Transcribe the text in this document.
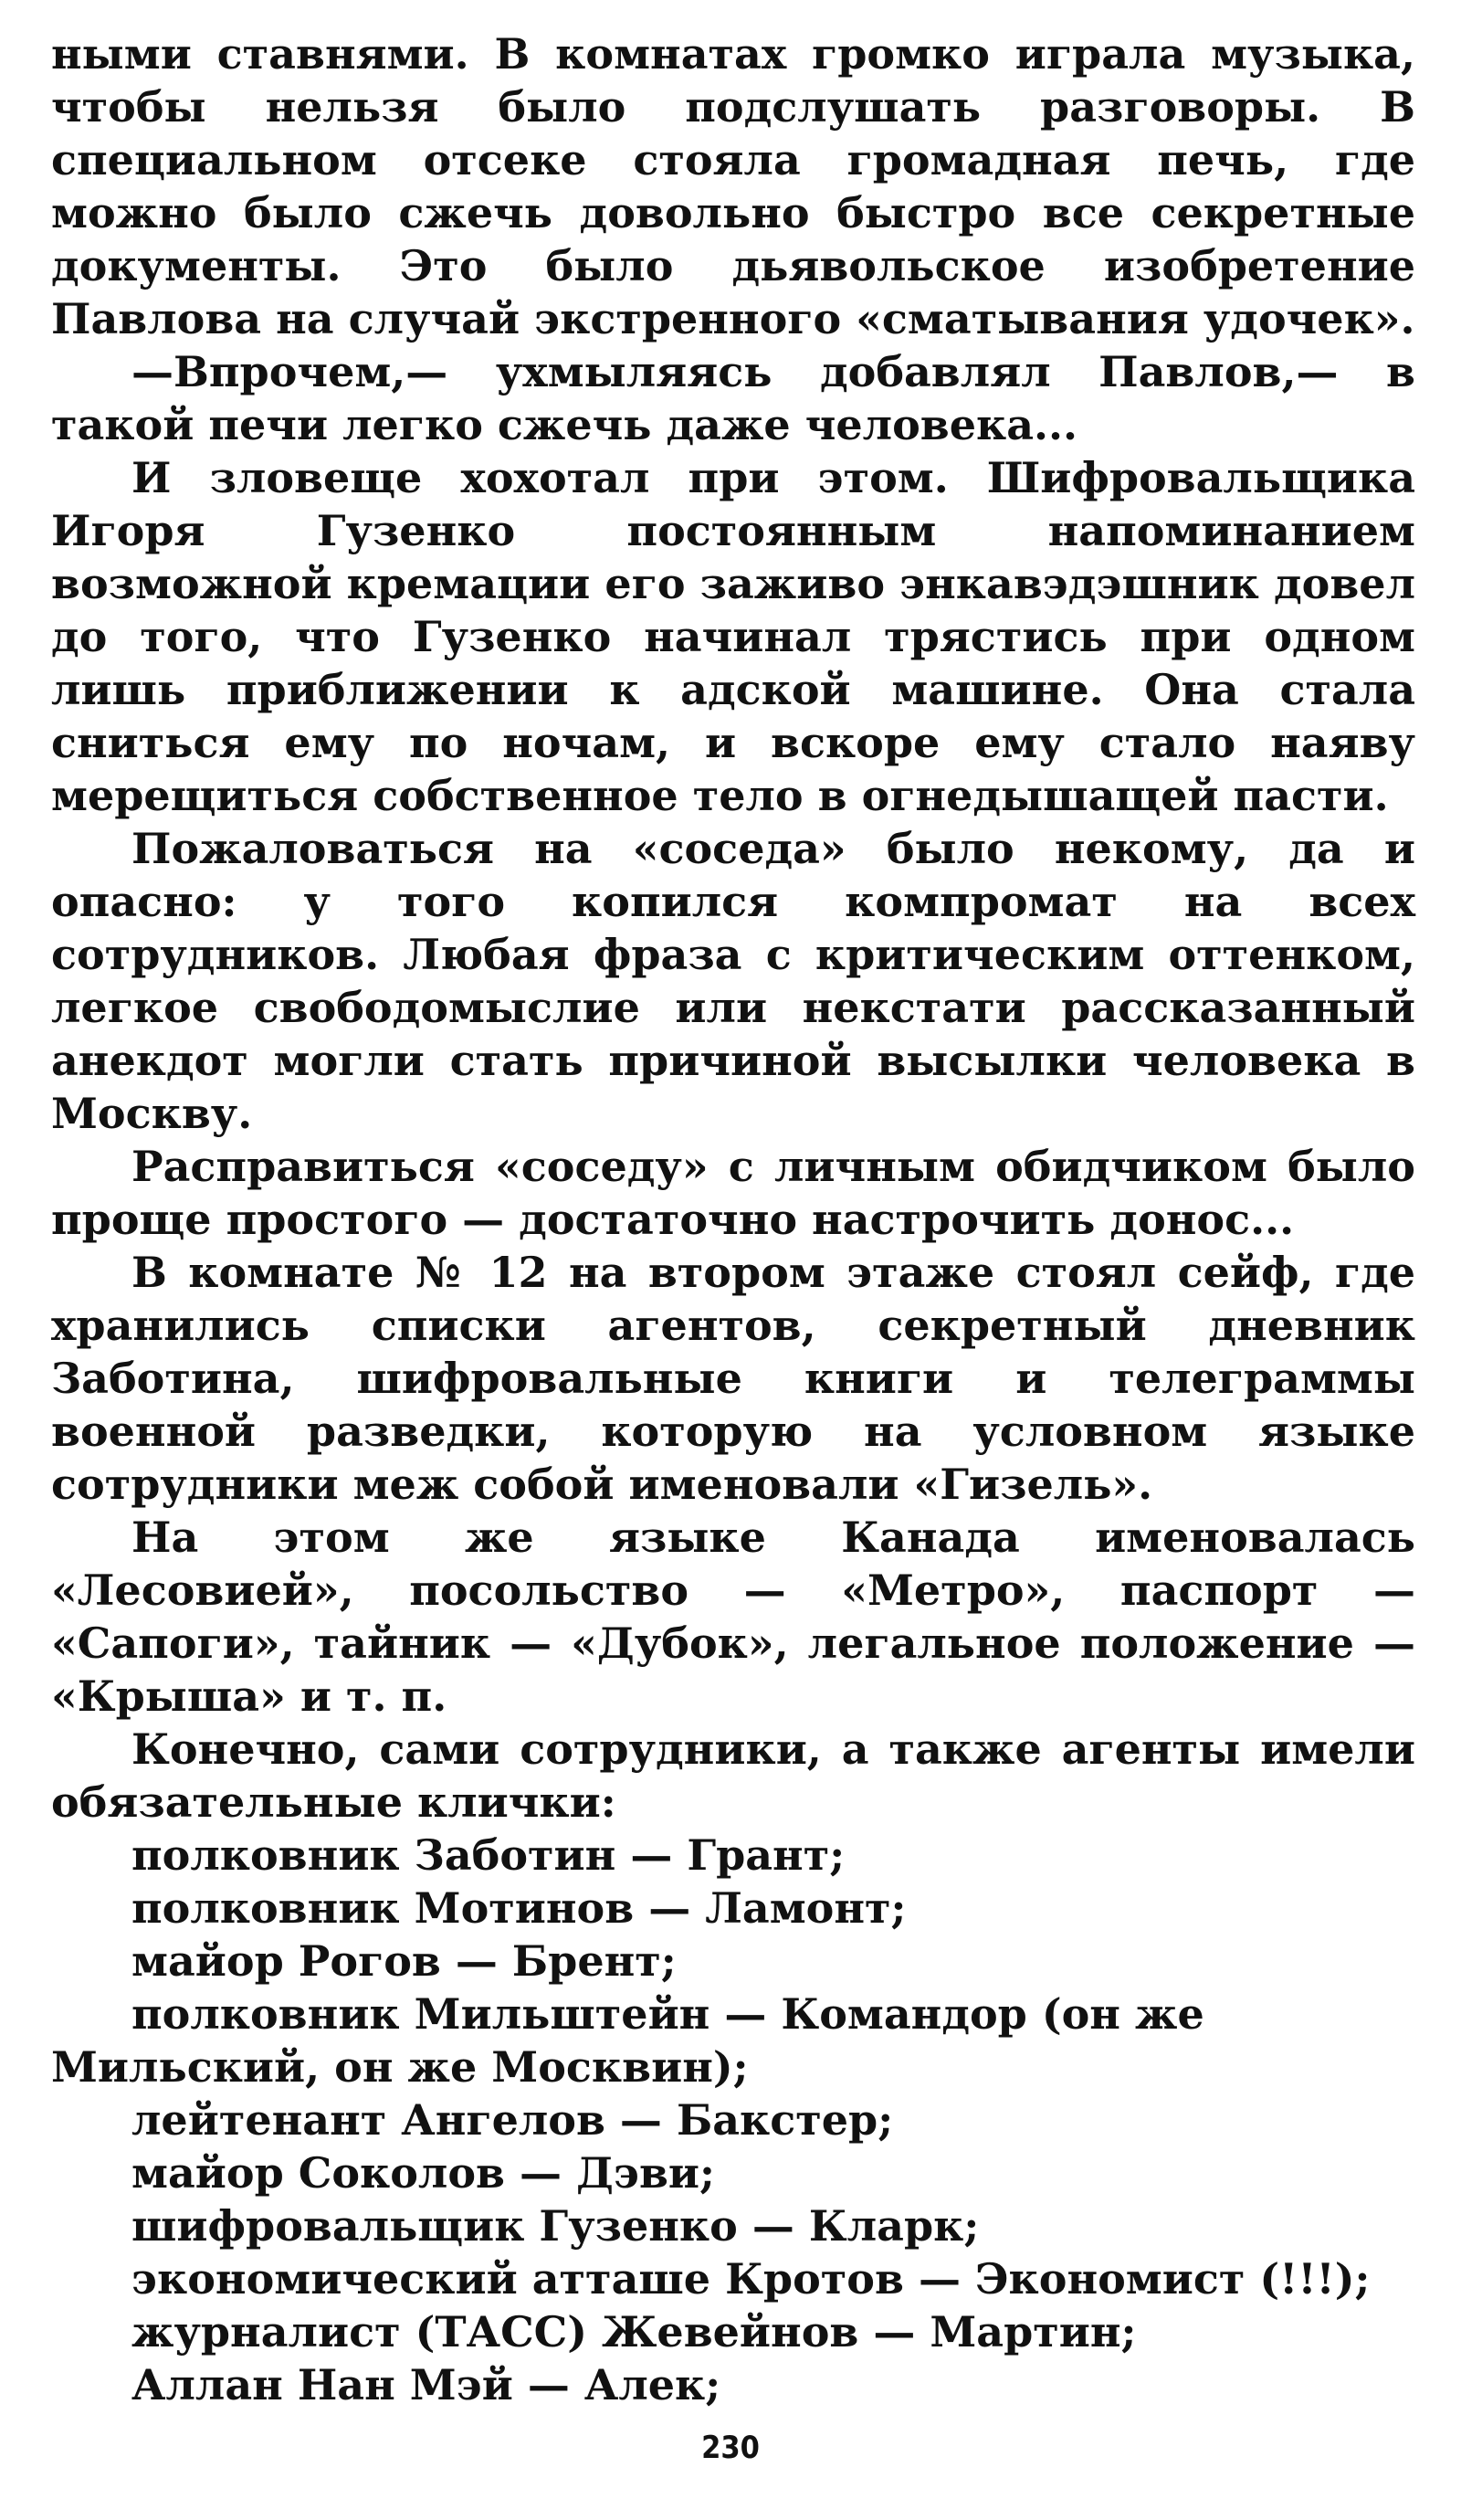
ными ставнями. В комнатах громко играла музыка, чтобы нельзя было подслушать разговоры. В специальном отсеке стояла громадная печь, где можно было сжечь довольно быстро все секретные документы. Это было дьявольское изобретение Павлова на случай экстренного «сматывания удочек».

—Впрочем,— ухмыляясь добавлял Павлов,— в такой печи легко сжечь даже человека...

И зловеще хохотал при этом. Шифровальщика Игоря Гузенко постоянным напоминанием возможной кремации его заживо энкавэдэшник довел до того, что Гузенко начинал трястись при одном лишь приближении к адской машине. Она стала сниться ему по ночам, и вскоре ему стало наяву мерещиться собственное тело в огнедышащей пасти.

Пожаловаться на «соседа» было некому, да и опасно: у того копился компромат на всех сотрудников. Любая фраза с критическим оттенком, легкое свободомыслие или некстати рассказанный анекдот могли стать причиной высылки человека в Москву.

Расправиться «соседу» с личным обидчиком было проще простого — достаточно настрочить донос...

В комнате № 12 на втором этаже стоял сейф, где хранились списки агентов, секретный дневник Заботина, шифровальные книги и телеграммы военной разведки, которую на условном языке сотрудники меж собой именовали «Гизель».

На этом же языке Канада именовалась «Лесовией», посольство — «Метро», паспорт — «Сапоги», тайник — «Дубок», легальное положение — «Крыша» и т. п.

Конечно, сами сотрудники, а также агенты имели обязательные клички:

полковник Заботин — Грант;
полковник Мотинов — Ламонт;
майор Рогов — Брент;
полковник Мильштейн — Командор (он же Мильский, он же Москвин);
лейтенант Ангелов — Бакстер;
майор Соколов — Дэви;
шифровальщик Гузенко — Кларк;
экономический атташе Кротов — Экономист (!!!);
журналист (ТАСС) Жевейнов — Мартин;
Аллан Нан Мэй — Алек;
230
